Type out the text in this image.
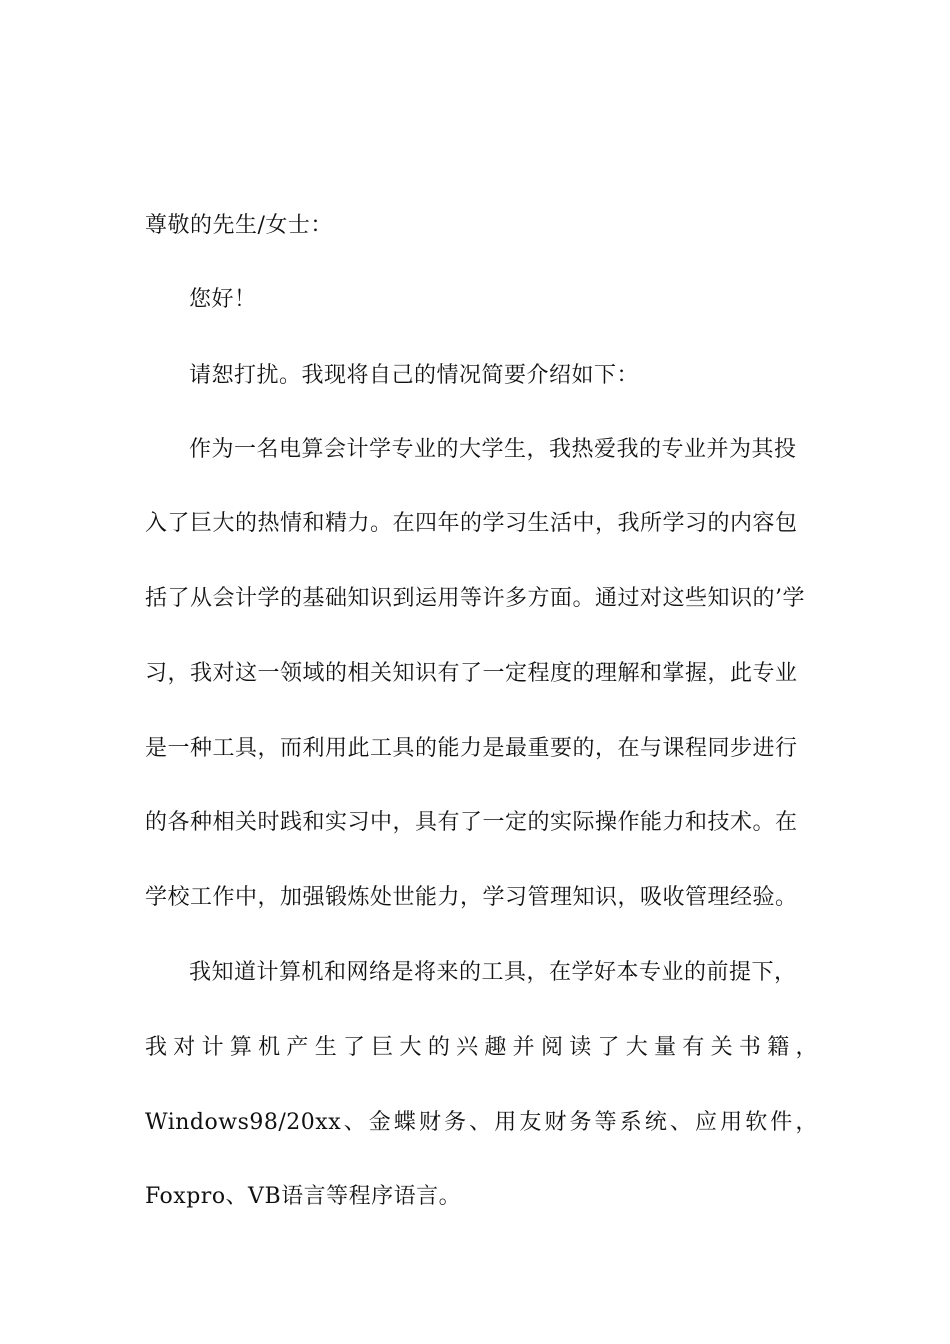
尊敬的先生/女士：
您好！
请恕打扰。我现将自己的情况简要介绍如下：
作为一名电算会计学专业的大学生，我热爱我的专业并为其投
入了巨大的热情和精力。在四年的学习生活中，我所学习的内容包
括了从会计学的基础知识到运用等许多方面。通过对这些知识的’学
习，我对这一领域的相关知识有了一定程度的理解和掌握，此专业
是一种工具，而利用此工具的能力是最重要的，在与课程同步进行
的各种相关时践和实习中，具有了一定的实际操作能力和技术。在
学校工作中，加强锻炼处世能力，学习管理知识，吸收管理经验。
我知道计算机和网络是将来的工具，在学好本专业的前提下，
我 对 计 算 机 产 生 了 巨 大 的 兴 趣 并 阅 读 了 大 量 有 关 书 籍 ，
Windows98/20xx 、 金 蝶 财 务 、 用 友 财 务 等 系 统 、 应 用 软 件 ，
Foxpro、VB语言等程序语言。
